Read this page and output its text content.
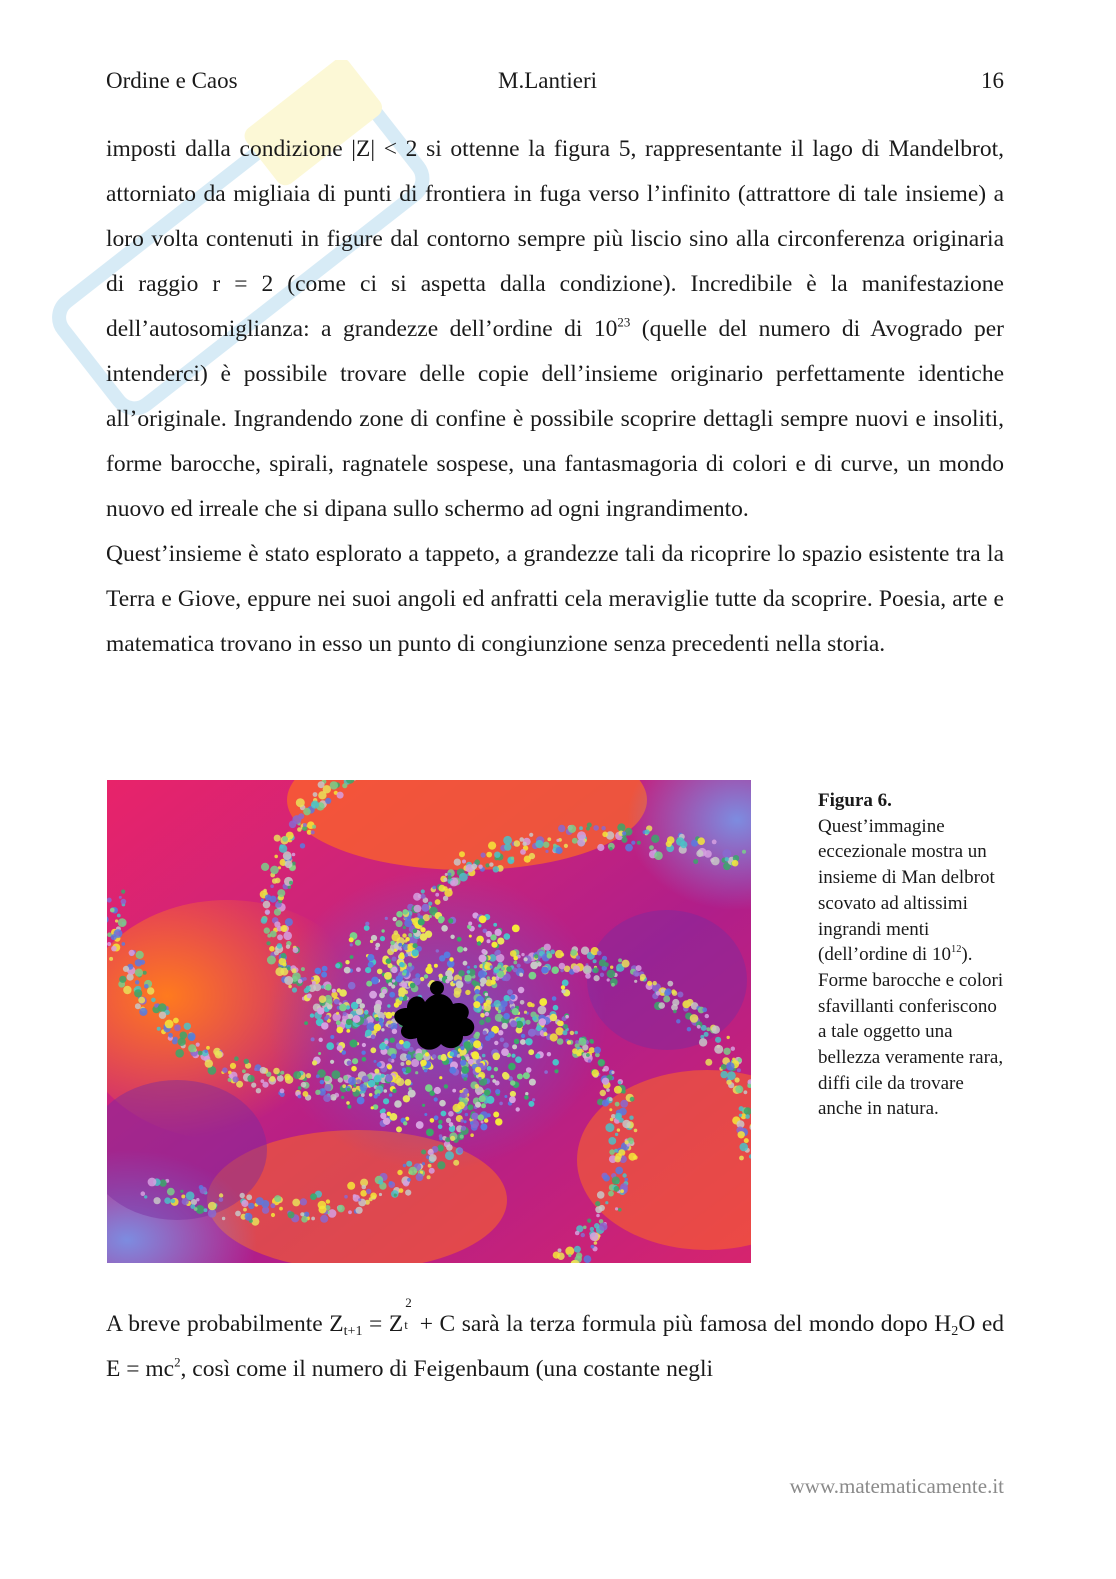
Ordine e Caos	M.Lantieri	16

imposti dalla condizione |Z| < 2 si ottenne la figura 5, rappresentante il lago di Mandelbrot, attorniato da migliaia di punti di frontiera in fuga verso l’infinito (attrattore di tale insieme) a loro volta contenuti in figure dal contorno sempre più liscio sino alla circonferenza originaria di raggio r = 2 (come ci si aspetta dalla condizione). Incredibile è la manifestazione dell’autosomiglianza: a grandezze dell’ordine di $10^{23}$ (quelle del numero di Avogrado per intenderci) è possibile trovare delle copie dell’insieme originario perfettamente identiche all’originale. Ingrandendo zone di confine è possibile scoprire dettagli sempre nuovi e insoliti, forme barocche, spirali, ragnatele sospese, una fantasmagoria di colori e di curve, un mondo nuovo ed irreale che si dipana sullo schermo ad ogni ingrandimento.

Quest’insieme è stato esplorato a tappeto, a grandezze tali da ricoprire lo spazio esistente tra la Terra e Giove, eppure nei suoi angoli ed anfratti cela meraviglie tutte da scoprire. Poesia, arte e matematica trovano in esso un punto di congiunzione senza precedenti nella storia.

Figura 6.
Quest’immagine eccezionale mostra un insieme di Man delbrot scovato ad altissimi ingrandi menti (dell’ordine di $10^{12}$).
Forme barocche e colori sfavillanti conferiscono a tale oggetto una bellezza veramente rara, diffi cile da trovare anche in natura.

A breve probabilmente $Z_{t+1} = Z$
2
t + C sarà la terza formula più famosa del mondo dopo $H_2O$ ed $E = mc^2$, così come il numero di Feigenbaum (una costante negli

www.matematicamente.it
